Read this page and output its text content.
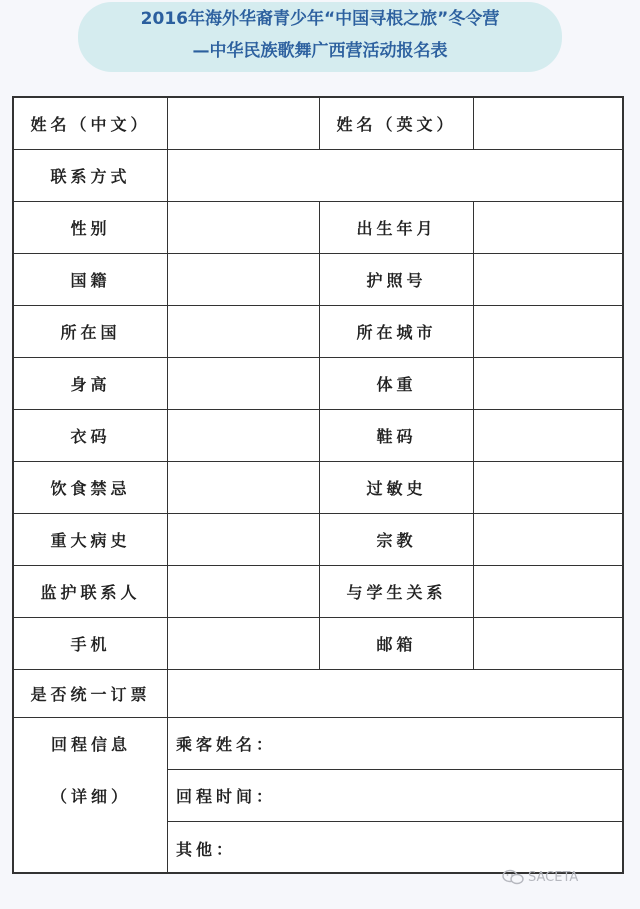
2016年海外华裔青少年“中国寻根之旅”冬令营
—中华民族歌舞广西营活动报名表
姓名（中文）	姓名（英文）
联系方式
性别	出生年月
国籍	护照号
所在国	所在城市
身高	体重
衣码	鞋码
饮食禁忌	过敏史
重大病史	宗教
监护联系人	与学生关系
手机	邮箱
是否统一订票
回程信息
（详细）
乘客姓名：
回程时间：
其他：
SACETA
